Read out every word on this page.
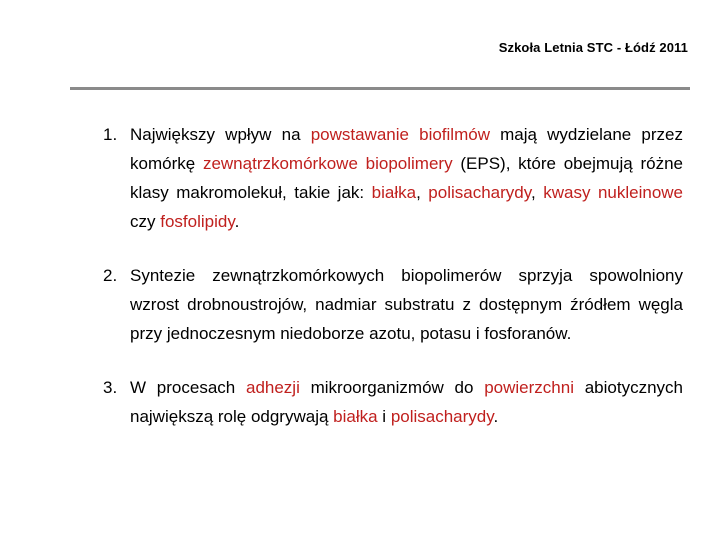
Szkoła Letnia STC - Łódź 2011
1. Największy wpływ na powstawanie biofilmów mają wydzielane przez komórkę zewnątrzkomórkowe biopolimery (EPS), które obejmują różne klasy makromolekuł, takie jak: białka, polisacharydy, kwasy nukleinowe czy fosfolipidy.
2. Syntezie zewnątrzkomórkowych biopolimerów sprzyja spowolniony wzrost drobnoustrojów, nadmiar substratu z dostępnym źródłem węgla przy jednoczesnym niedoborze azotu, potasu i fosforanów.
3. W procesach adhezji mikroorganizmów do powierzchni abiotycznych największą rolę odgrywają białka i polisacharydy.
